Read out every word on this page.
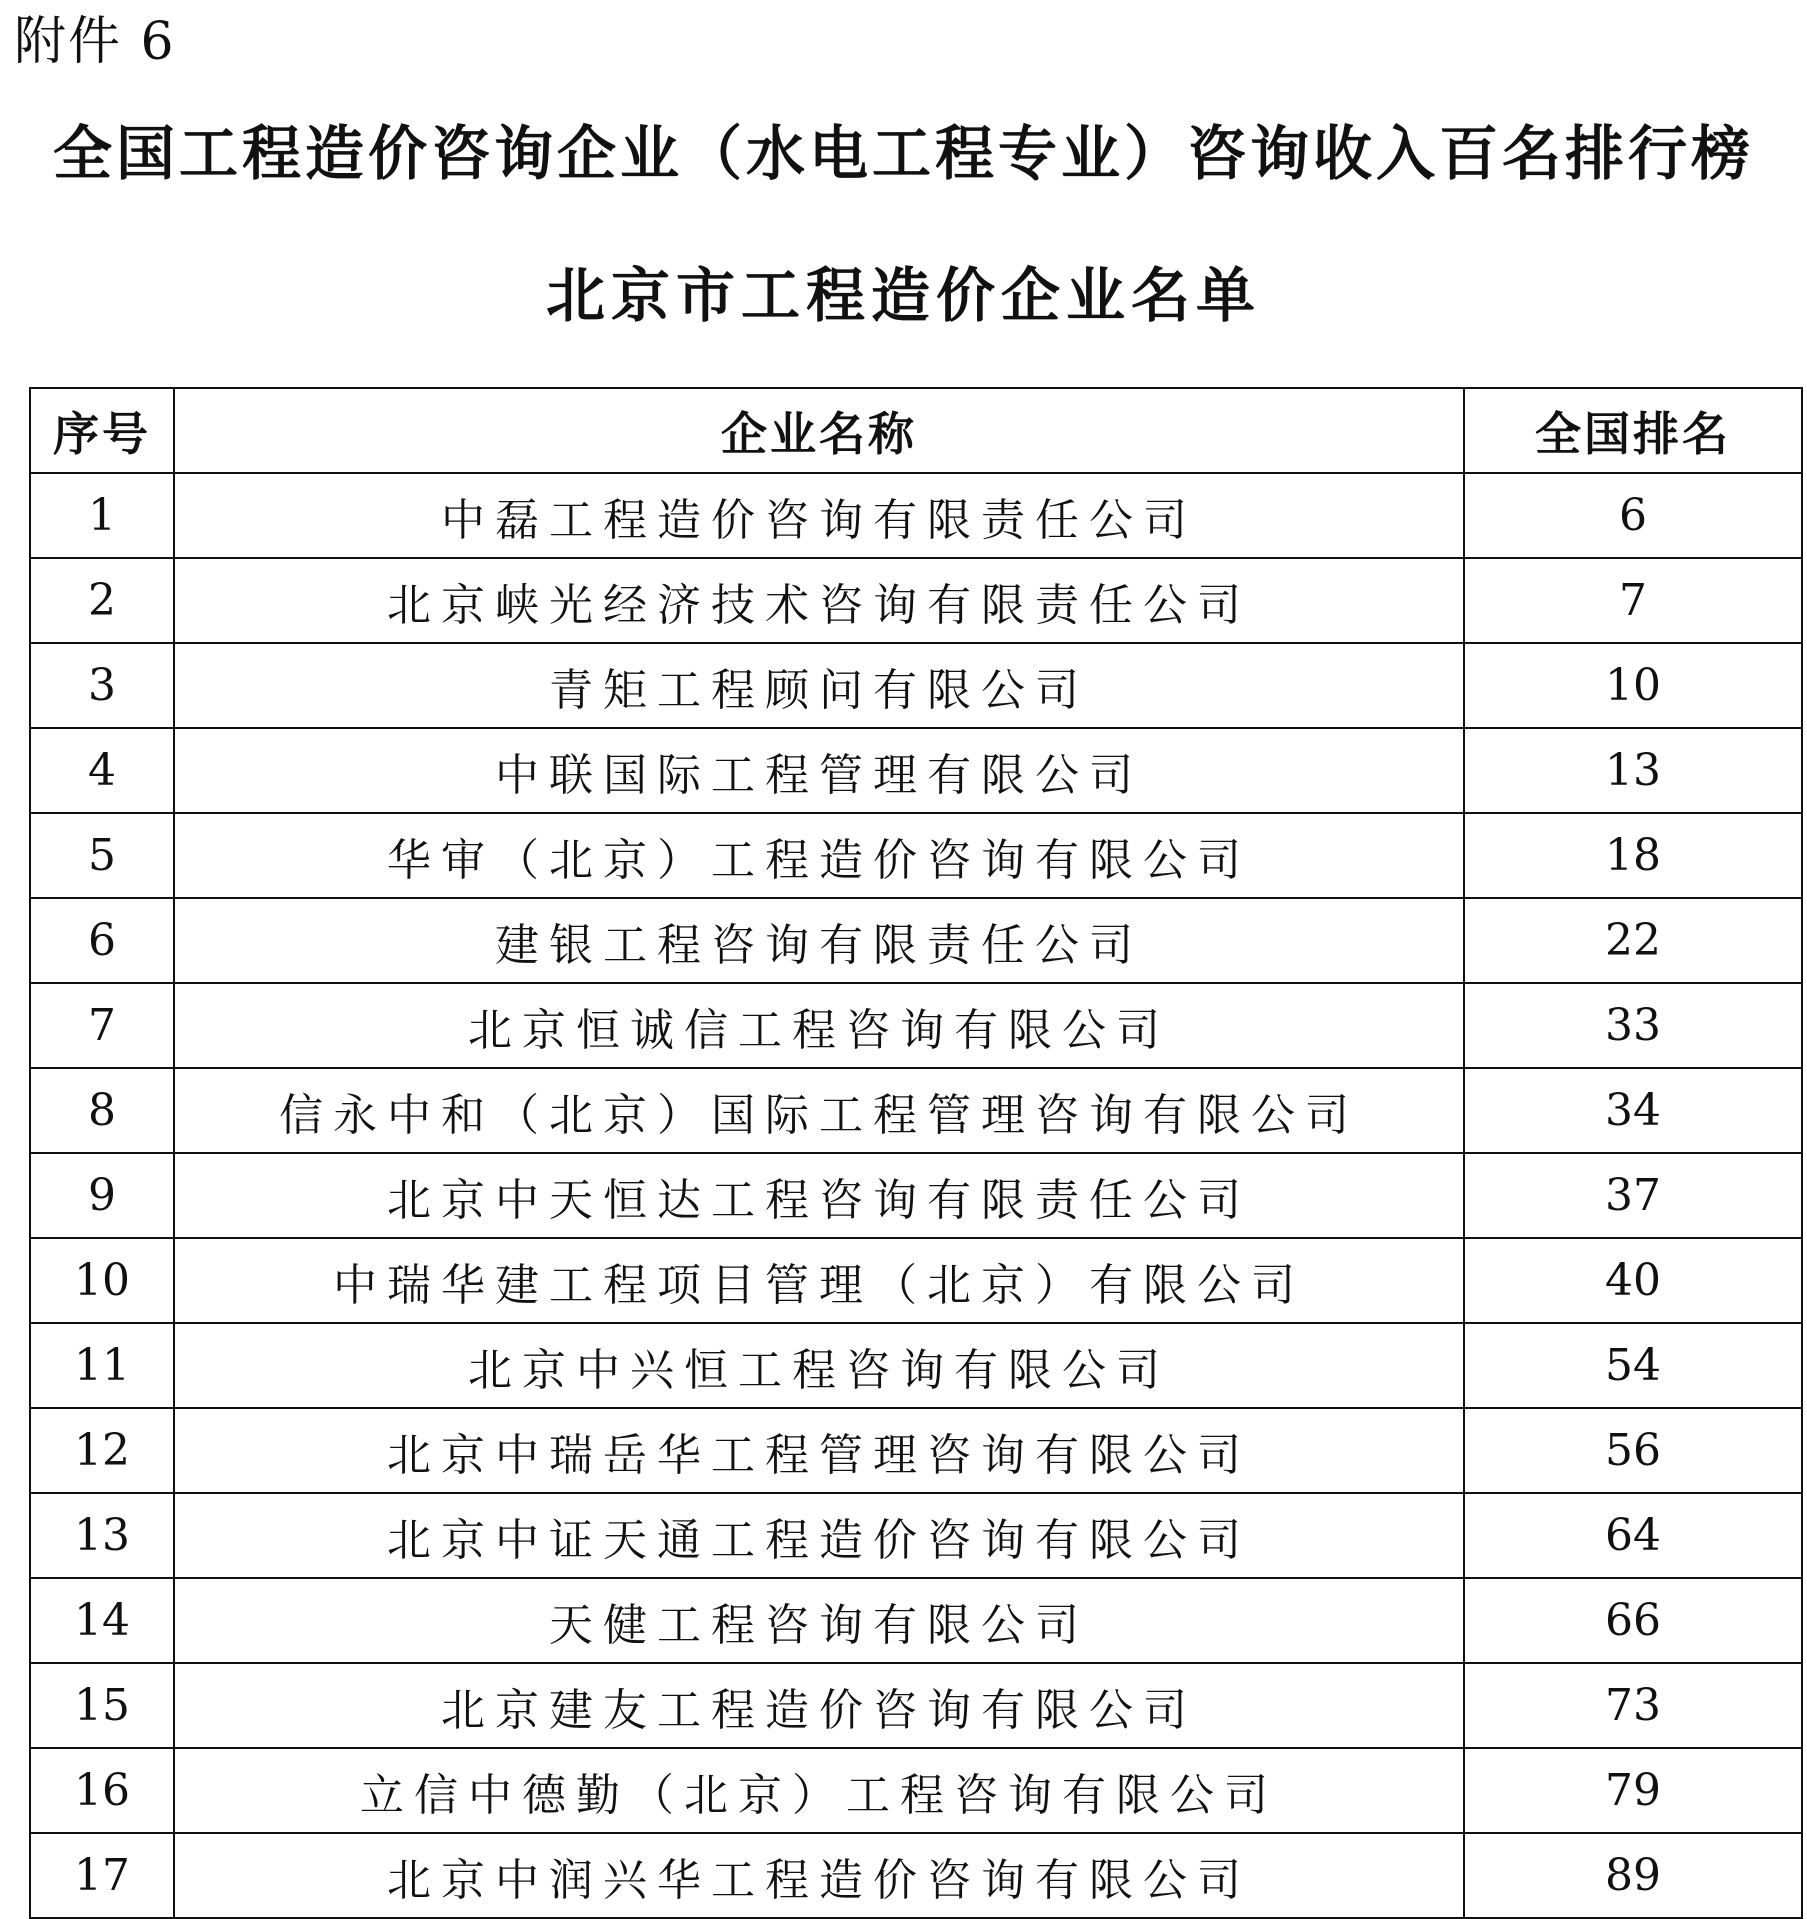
附件 6
全国工程造价咨询企业（水电工程专业）咨询收入百名排行榜
北京市工程造价企业名单
序号	企业名称	全国排名
1	中磊工程造价咨询有限责任公司	6
2	北京峡光经济技术咨询有限责任公司	7
3	青矩工程顾问有限公司	10
4	中联国际工程管理有限公司	13
5	华审（北京）工程造价咨询有限公司	18
6	建银工程咨询有限责任公司	22
7	北京恒诚信工程咨询有限公司	33
8	信永中和（北京）国际工程管理咨询有限公司	34
9	北京中天恒达工程咨询有限责任公司	37
10	中瑞华建工程项目管理（北京）有限公司	40
11	北京中兴恒工程咨询有限公司	54
12	北京中瑞岳华工程管理咨询有限公司	56
13	北京中证天通工程造价咨询有限公司	64
14	天健工程咨询有限公司	66
15	北京建友工程造价咨询有限公司	73
16	立信中德勤（北京）工程咨询有限公司	79
17	北京中润兴华工程造价咨询有限公司	89
